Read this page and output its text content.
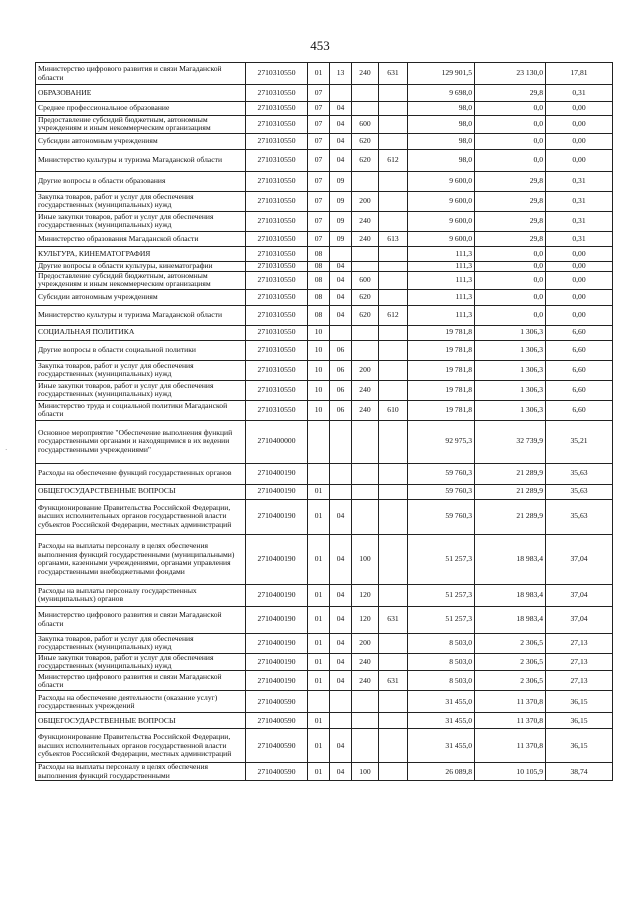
453
·
Министерство цифрового развития и связи Магаданской области	2710310550	01	13	240	631	129 901,5	23 130,0	17,81
ОБРАЗОВАНИЕ	2710310550	07				9 698,0	29,8	0,31
Среднее профессиональное образование	2710310550	07	04			98,0	0,0	0,00
Предоставление субсидий бюджетным, автономным учреждениям и иным некоммерческим организациям	2710310550	07	04	600		98,0	0,0	0,00
Субсидии автономным учреждениям	2710310550	07	04	620		98,0	0,0	0,00
Министерство культуры и туризма Магаданской области	2710310550	07	04	620	612	98,0	0,0	0,00
Другие вопросы в области образования	2710310550	07	09			9 600,0	29,8	0,31
Закупка товаров, работ и услуг для обеспечения государственных (муниципальных) нужд	2710310550	07	09	200		9 600,0	29,8	0,31
Иные закупки товаров, работ и услуг для обеспечения государственных (муниципальных) нужд	2710310550	07	09	240		9 600,0	29,8	0,31
Министерство образования Магаданской области	2710310550	07	09	240	613	9 600,0	29,8	0,31
КУЛЬТУРА, КИНЕМАТОГРАФИЯ	2710310550	08				111,3	0,0	0,00
Другие вопросы в области культуры, кинематографии	2710310550	08	04			111,3	0,0	0,00
Предоставление субсидий бюджетным, автономным учреждениям и иным некоммерческим организациям	2710310550	08	04	600		111,3	0,0	0,00
Субсидии автономным учреждениям	2710310550	08	04	620		111,3	0,0	0,00
Министерство культуры и туризма Магаданской области	2710310550	08	04	620	612	111,3	0,0	0,00
СОЦИАЛЬНАЯ ПОЛИТИКА	2710310550	10				19 781,8	1 306,3	6,60
Другие вопросы в области социальной политики	2710310550	10	06			19 781,8	1 306,3	6,60
Закупка товаров, работ и услуг для обеспечения государственных (муниципальных) нужд	2710310550	10	06	200		19 781,8	1 306,3	6,60
Иные закупки товаров, работ и услуг для обеспечения государственных (муниципальных) нужд	2710310550	10	06	240		19 781,8	1 306,3	6,60
Министерство труда и социальной политики Магаданской области	2710310550	10	06	240	610	19 781,8	1 306,3	6,60
Основное мероприятие "Обеспечение выполнения функций государственными органами и находящимися в их ведении государственными учреждениями"	2710400000					92 975,3	32 739,9	35,21
Расходы на обеспечение функций государственных органов	2710400190					59 760,3	21 289,9	35,63
ОБЩЕГОСУДАРСТВЕННЫЕ ВОПРОСЫ	2710400190	01				59 760,3	21 289,9	35,63
Функционирование Правительства Российской Федерации, высших исполнительных органов государственной власти субъектов Российской Федерации, местных администраций	2710400190	01	04			59 760,3	21 289,9	35,63
Расходы на выплаты персоналу в целях обеспечения выполнения функций государственными (муниципальными) органами, казенными учреждениями, органами управления государственными внебюджетными фондами	2710400190	01	04	100		51 257,3	18 983,4	37,04
Расходы на выплаты персоналу государственных (муниципальных) органов	2710400190	01	04	120		51 257,3	18 983,4	37,04
Министерство цифрового развития и связи Магаданской области	2710400190	01	04	120	631	51 257,3	18 983,4	37,04
Закупка товаров, работ и услуг для обеспечения государственных (муниципальных) нужд	2710400190	01	04	200		8 503,0	2 306,5	27,13
Иные закупки товаров, работ и услуг для обеспечения государственных (муниципальных) нужд	2710400190	01	04	240		8 503,0	2 306,5	27,13
Министерство цифрового развития и связи Магаданской области	2710400190	01	04	240	631	8 503,0	2 306,5	27,13
Расходы на обеспечение деятельности (оказание услуг) государственных учреждений	2710400590					31 455,0	11 370,8	36,15
ОБЩЕГОСУДАРСТВЕННЫЕ ВОПРОСЫ	2710400590	01				31 455,0	11 370,8	36,15
Функционирование Правительства Российской Федерации, высших исполнительных органов государственной власти субъектов Российской Федерации, местных администраций	2710400590	01	04			31 455,0	11 370,8	36,15
Расходы на выплаты персоналу в целях обеспечения выполнения функций государственными	2710400590	01	04	100		26 089,8	10 105,9	38,74
